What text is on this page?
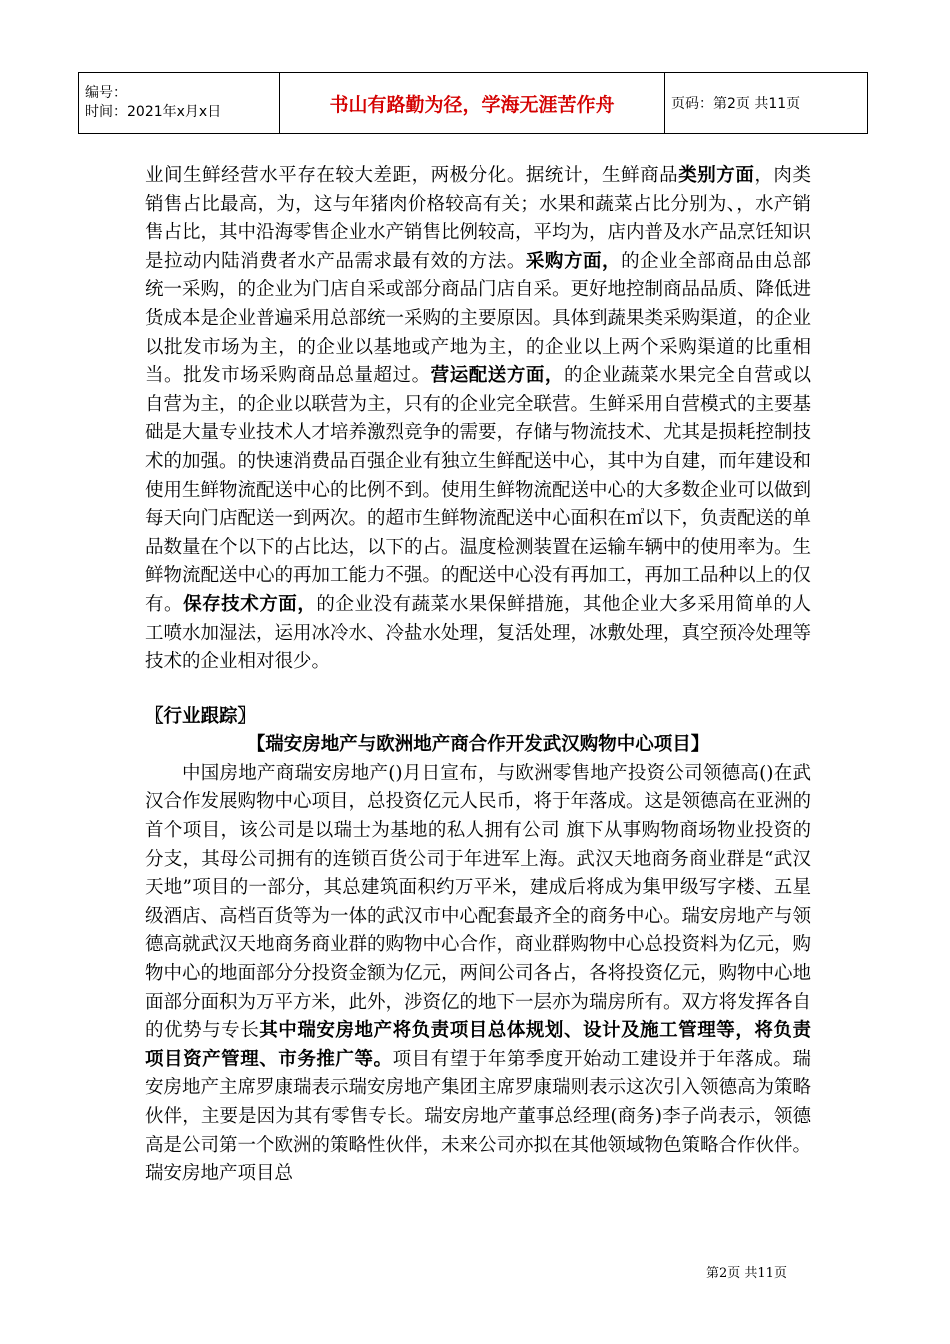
编号：
时间：2021年x月x日	书山有路勤为径，学海无涯苦作舟	页码：第2页 共11页

业间生鲜经营水平存在较大差距，两极分化。据统计，生鲜商品类别方面，肉类销售占比最高，为，这与年猪肉价格较高有关；水果和蔬菜占比分别为、，水产销售占比，其中沿海零售企业水产销售比例较高，平均为，店内普及水产品烹饪知识是拉动内陆消费者水产品需求最有效的方法。采购方面，的企业全部商品由总部统一采购，的企业为门店自采或部分商品门店自采。更好地控制商品品质、降低进货成本是企业普遍采用总部统一采购的主要原因。具体到蔬果类采购渠道，的企业以批发市场为主，的企业以基地或产地为主，的企业以上两个采购渠道的比重相当。批发市场采购商品总量超过。营运配送方面，的企业蔬菜水果完全自营或以自营为主，的企业以联营为主，只有的企业完全联营。生鲜采用自营模式的主要基础是大量专业技术人才培养激烈竞争的需要，存储与物流技术、尤其是损耗控制技术的加强。的快速消费品百强企业有独立生鲜配送中心，其中为自建，而年建设和使用生鲜物流配送中心的比例不到。使用生鲜物流配送中心的大多数企业可以做到每天向门店配送一到两次。的超市生鲜物流配送中心面积在㎡以下，负责配送的单品数量在个以下的占比达，以下的占。温度检测装置在运输车辆中的使用率为。生鲜物流配送中心的再加工能力不强。的配送中心没有再加工，再加工品种以上的仅有。保存技术方面，的企业没有蔬菜水果保鲜措施，其他企业大多采用简单的人工喷水加湿法，运用冰冷水、冷盐水处理，复活处理，冰敷处理，真空预冷处理等技术的企业相对很少。

〖行业跟踪〗

【瑞安房地产与欧洲地产商合作开发武汉购物中心项目】

中国房地产商瑞安房地产()月日宣布，与欧洲零售地产投资公司领德高()在武汉合作发展购物中心项目，总投资亿元人民币，将于年落成。这是领德高在亚洲的首个项目，该公司是以瑞士为基地的私人拥有公司 旗下从事购物商场物业投资的分支，其母公司拥有的连锁百货公司于年进军上海。武汉天地商务商业群是“武汉天地”项目的一部分，其总建筑面积约万平米，建成后将成为集甲级写字楼、五星级酒店、高档百货等为一体的武汉市中心配套最齐全的商务中心。瑞安房地产与领德高就武汉天地商务商业群的购物中心合作，商业群购物中心总投资料为亿元，购物中心的地面部分分投资金额为亿元，两间公司各占，各将投资亿元，购物中心地面部分面积为万平方米，此外，涉资亿的地下一层亦为瑞房所有。双方将发挥各自的优势与专长其中瑞安房地产将负责项目总体规划、设计及施工管理等，将负责项目资产管理、市务推广等。项目有望于年第季度开始动工建设并于年落成。瑞安房地产主席罗康瑞表示瑞安房地产集团主席罗康瑞则表示这次引入领德高为策略伙伴，主要是因为其有零售专长。瑞安房地产董事总经理(商务)李子尚表示，领德高是公司第一个欧洲的策略性伙伴，未来公司亦拟在其他领域物色策略合作伙伴。瑞安房地产项目总

第2页 共11页
